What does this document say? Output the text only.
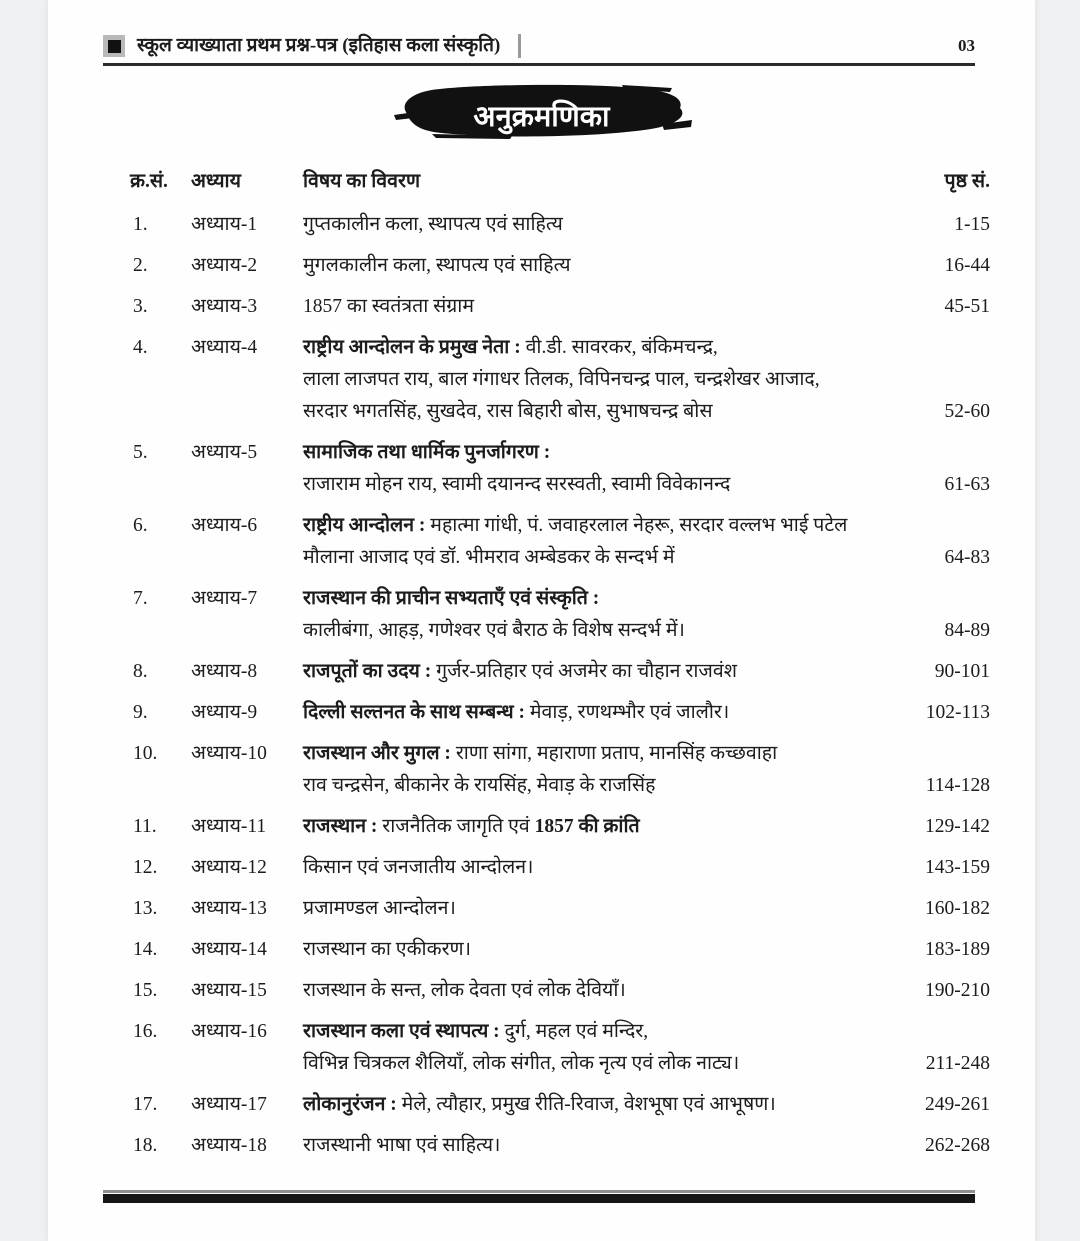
स्कूल व्याख्याता प्रथम प्रश्न-पत्र (इतिहास कला संस्कृति)	03
अनुक्रमणिका
क्र.सं.	अध्याय	विषय का विवरण	पृष्ठ सं.
1.	अध्याय-1	गुप्तकालीन कला, स्थापत्य एवं साहित्य	1-15
2.	अध्याय-2	मुगलकालीन कला, स्थापत्य एवं साहित्य	16-44
3.	अध्याय-3	1857 का स्वतंत्रता संग्राम	45-51
4.	अध्याय-4	राष्ट्रीय आन्दोलन के प्रमुख नेता : वी.डी. सावरकर, बंकिमचन्द्र,
लाला लाजपत राय, बाल गंगाधर तिलक, विपिनचन्द्र पाल, चन्द्रशेखर आजाद,
सरदार भगतसिंह, सुखदेव, रास बिहारी बोस, सुभाषचन्द्र बोस	52-60
5.	अध्याय-5	सामाजिक तथा धार्मिक पुनर्जागरण :
राजाराम मोहन राय, स्वामी दयानन्द सरस्वती, स्वामी विवेकानन्द	61-63
6.	अध्याय-6	राष्ट्रीय आन्दोलन : महात्मा गांधी, पं. जवाहरलाल नेहरू, सरदार वल्लभ भाई पटेल
मौलाना आजाद एवं डॉ. भीमराव अम्बेडकर के सन्दर्भ में	64-83
7.	अध्याय-7	राजस्थान की प्राचीन सभ्यताएँ एवं संस्कृति :
कालीबंगा, आहड़, गणेश्वर एवं बैराठ के विशेष सन्दर्भ में।	84-89
8.	अध्याय-8	राजपूतों का उदय : गुर्जर-प्रतिहार एवं अजमेर का चौहान राजवंश	90-101
9.	अध्याय-9	दिल्ली सल्तनत के साथ सम्बन्ध : मेवाड़, रणथम्भौर एवं जालौर।	102-113
10.	अध्याय-10	राजस्थान और मुगल : राणा सांगा, महाराणा प्रताप, मानसिंह कच्छवाहा
राव चन्द्रसेन, बीकानेर के रायसिंह, मेवाड़ के राजसिंह	114-128
11.	अध्याय-11	राजस्थान : राजनैतिक जागृति एवं 1857 की क्रांति	129-142
12.	अध्याय-12	किसान एवं जनजातीय आन्दोलन।	143-159
13.	अध्याय-13	प्रजामण्डल आन्दोलन।	160-182
14.	अध्याय-14	राजस्थान का एकीकरण।	183-189
15.	अध्याय-15	राजस्थान के सन्त, लोक देवता एवं लोक देवियाँ।	190-210
16.	अध्याय-16	राजस्थान कला एवं स्थापत्य : दुर्ग, महल एवं मन्दिर,
विभिन्न चित्रकल शैलियाँ, लोक संगीत, लोक नृत्य एवं लोक नाट्य।	211-248
17.	अध्याय-17	लोकानुरंजन : मेले, त्यौहार, प्रमुख रीति-रिवाज, वेशभूषा एवं आभूषण।	249-261
18.	अध्याय-18	राजस्थानी भाषा एवं साहित्य।	262-268
